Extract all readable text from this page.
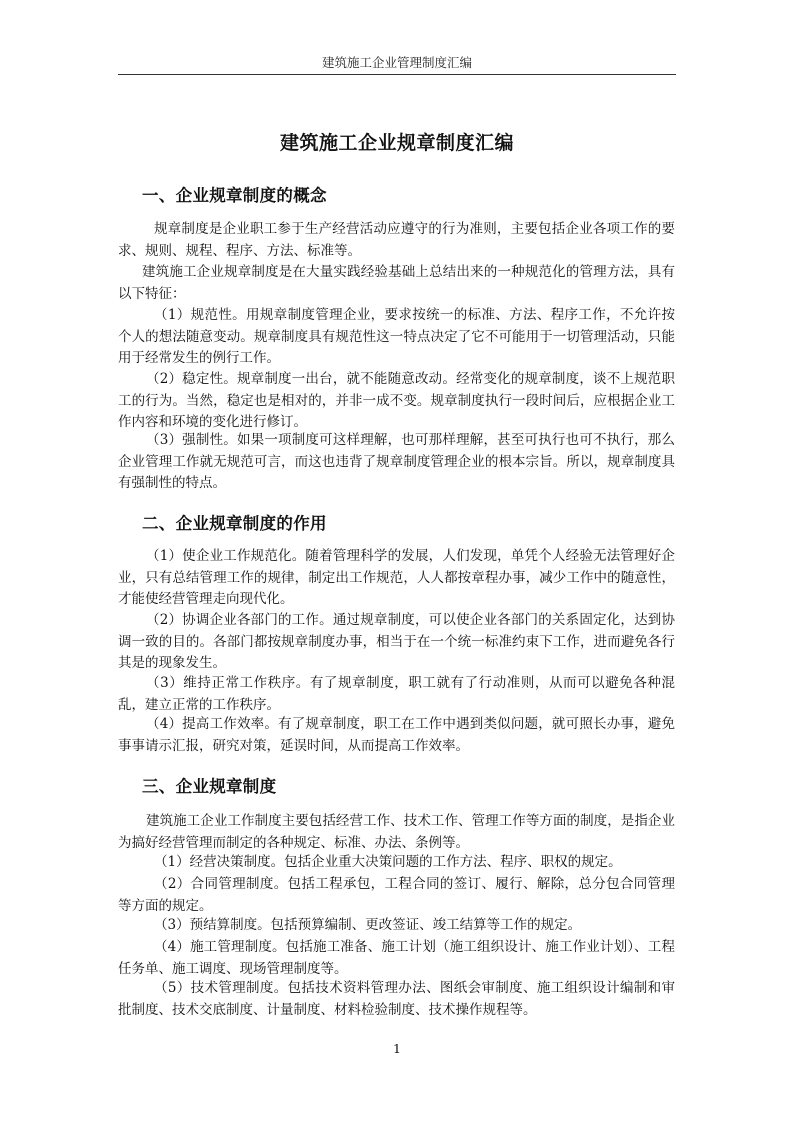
建筑施工企业管理制度汇编
建筑施工企业规章制度汇编
一、企业规章制度的概念

规章制度是企业职工参于生产经营活动应遵守的行为准则，主要包括企业各项工作的要求、规则、规程、程序、方法、标准等。

建筑施工企业规章制度是在大量实践经验基础上总结出来的一种规范化的管理方法，具有以下特征：

（1）规范性。用规章制度管理企业，要求按统一的标准、方法、程序工作，不允许按个人的想法随意变动。规章制度具有规范性这一特点决定了它不可能用于一切管理活动，只能用于经常发生的例行工作。

（2）稳定性。规章制度一出台，就不能随意改动。经常变化的规章制度，谈不上规范职工的行为。当然，稳定也是相对的，并非一成不变。规章制度执行一段时间后，应根据企业工作内容和环境的变化进行修订。

（3）强制性。如果一项制度可这样理解，也可那样理解，甚至可执行也可不执行，那么企业管理工作就无规范可言，而这也违背了规章制度管理企业的根本宗旨。所以，规章制度具有强制性的特点。

二、企业规章制度的作用

（1）使企业工作规范化。随着管理科学的发展，人们发现，单凭个人经验无法管理好企业，只有总结管理工作的规律，制定出工作规范，人人都按章程办事，减少工作中的随意性，才能使经营管理走向现代化。

（2）协调企业各部门的工作。通过规章制度，可以使企业各部门的关系固定化，达到协调一致的目的。各部门都按规章制度办事，相当于在一个统一标准约束下工作，进而避免各行其是的现象发生。

（3）维持正常工作秩序。有了规章制度，职工就有了行动准则，从而可以避免各种混乱，建立正常的工作秩序。

（4）提高工作效率。有了规章制度，职工在工作中遇到类似问题，就可照长办事，避免事事请示汇报，研究对策，延误时间，从而提高工作效率。

三、企业规章制度

建筑施工企业工作制度主要包括经营工作、技术工作、管理工作等方面的制度，是指企业为搞好经营管理而制定的各种规定、标准、办法、条例等。

（1）经营决策制度。包括企业重大决策问题的工作方法、程序、职权的规定。

（2）合同管理制度。包括工程承包，工程合同的签订、履行、解除，总分包合同管理等方面的规定。

（3）预结算制度。包括预算编制、更改签证、竣工结算等工作的规定。

（4）施工管理制度。包括施工准备、施工计划（施工组织设计、施工作业计划）、工程任务单、施工调度、现场管理制度等。

（5）技术管理制度。包括技术资料管理办法、图纸会审制度、施工组织设计编制和审批制度、技术交底制度、计量制度、材料检验制度、技术操作规程等。

1
